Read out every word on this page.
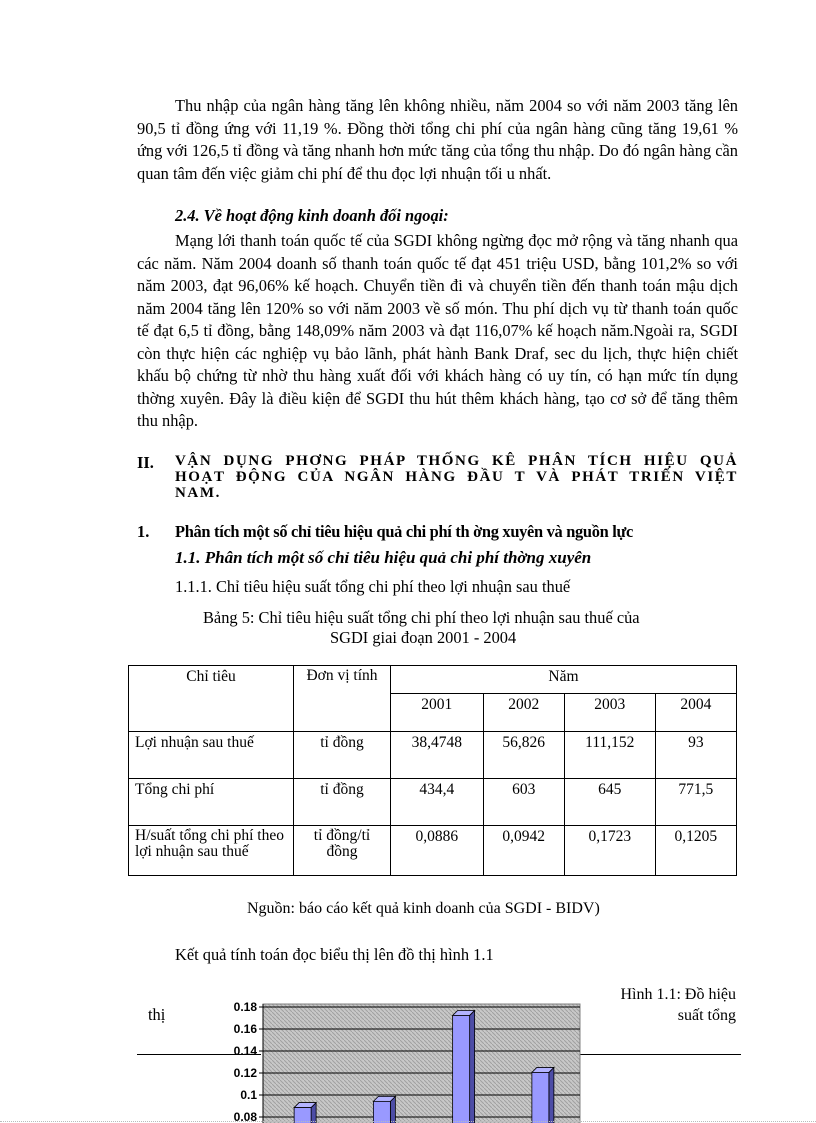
Thu nhập của ngân hàng tăng lên không nhiều, năm 2004 so với năm 2003 tăng lên 90,5 tỉ đồng ứng với 11,19 %. Đồng thời tổng chi phí của ngân hàng cũng tăng 19,61 % ứng với 126,5 tỉ đồng và tăng nhanh hơn mức tăng của tổng thu nhập. Do đó ngân hàng cần quan tâm đến việc giảm chi phí để thu đọc lợi nhuận tối u nhất.

2.4. Về hoạt động kinh doanh đối ngoại:

Mạng lới thanh toán quốc tế của SGDI không ngừng đọc mở rộng và tăng nhanh qua các năm. Năm 2004 doanh số thanh toán quốc tế đạt 451 triệu USD, bằng 101,2% so với năm 2003, đạt 96,06% kế hoạch. Chuyển tiền đi và chuyển tiền đến thanh toán mậu dịch năm 2004 tăng lên 120% so với năm 2003 về số món. Thu phí dịch vụ từ thanh toán quốc tế đạt 6,5 tỉ đồng, bằng 148,09% năm 2003 và đạt 116,07% kế hoạch năm.Ngoài ra, SGDI còn thực hiện các nghiệp vụ bảo lãnh, phát hành Bank Draf, sec du lịch, thực hiện chiết khấu bộ chứng từ nhờ thu hàng xuất đối với khách hàng có uy tín, có hạn mức tín dụng thờng xuyên. Đây là điều kiện để SGDI thu hút thêm khách hàng, tạo cơ sở để tăng thêm thu nhập.

II. VẬN DỤNG PHƠNG PHÁP THỐNG KÊ PHÂN TÍCH HIỆU QUẢ HOẠT ĐỘNG CỦA NGÂN HÀNG ĐẦU T VÀ PHÁT TRIỂN VIỆT NAM.

1. Phân tích một số chỉ tiêu hiệu quả chi phí th ờng xuyên và nguồn lực
1.1. Phân tích một số chỉ tiêu hiệu quả chi phí thờng xuyên
1.1.1. Chỉ tiêu hiệu suất tổng chi phí theo lợi nhuận sau thuế
Bảng 5: Chỉ tiêu hiệu suất tổng chi phí theo lợi nhuận sau thuế của
SGDI giai đoạn 2001 - 2004
Chỉ tiêu	Đơn vị tính	Năm			
		2001	2002	2003	2004
Lợi nhuận sau thuế	tỉ đồng	38,4748	56,826	111,152	93
Tổng chi phí	tỉ đồng	434,4	603	645	771,5
H/suất tổng chi phí theo lợi nhuận sau thuế	tỉ đồng/tỉ đồng	0,0886	0,0942	0,1723	0,1205
Nguồn: báo cáo kết quả kinh doanh của SGDI - BIDV)
Kết quả tính toán đọc biểu thị lên đồ thị hình 1.1
Hình 1.1: Đồ hiệu suất tổng
thị	0.18
0.16
0.14
0.12
0.1
0.08
